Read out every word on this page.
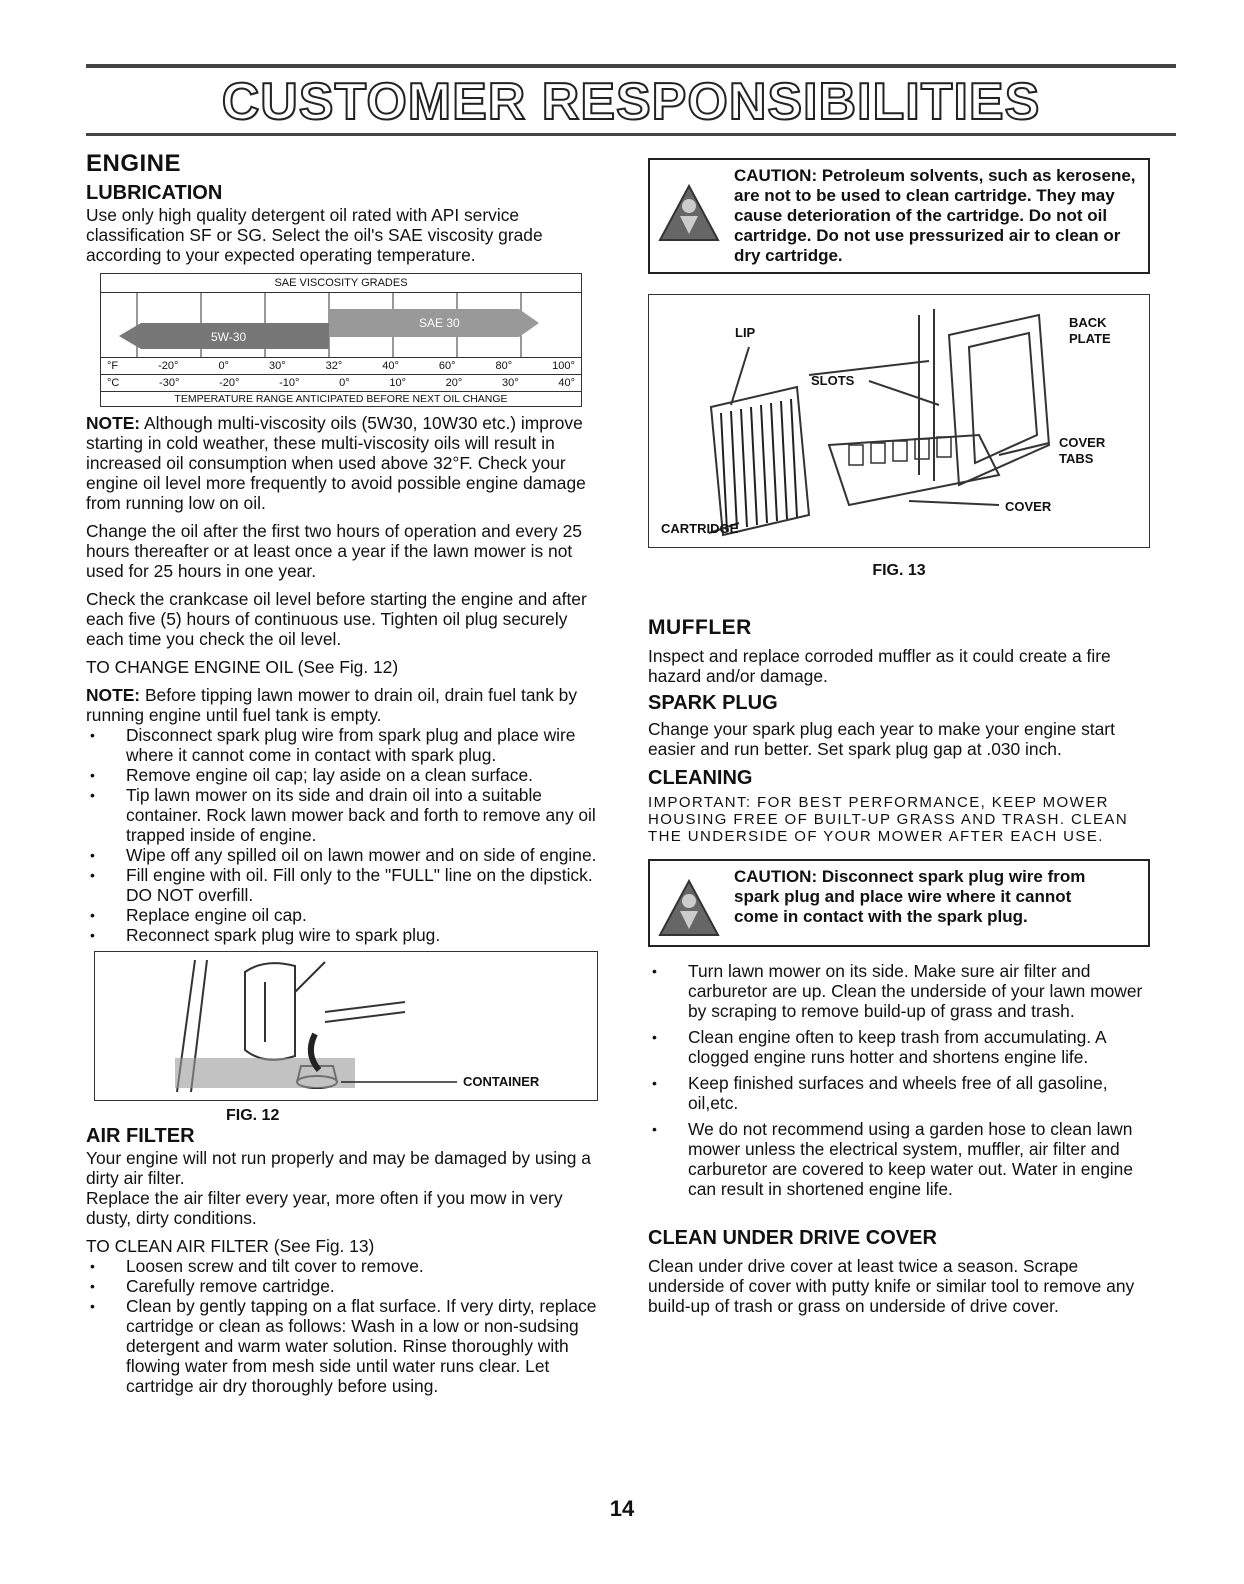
CUSTOMER RESPONSIBILITIES
ENGINE
LUBRICATION

Use only high quality detergent oil rated with API service classification SF or SG. Select the oil's SAE viscosity grade according to your expected operating temperature.

SAE VISCOSITY GRADES
5W-30
SAE 30
°F	-20°	0°	30°	32°	40°	60°	80°	100°
°C	-30°	-20°	-10°	0°	10°	20°	30°	40°
TEMPERATURE RANGE ANTICIPATED BEFORE NEXT OIL CHANGE

NOTE: Although multi-viscosity oils (5W30, 10W30 etc.) improve starting in cold weather, these multi-viscosity oils will result in increased oil consumption when used above 32°F. Check your engine oil level more frequently to avoid possible engine damage from running low on oil.

Change the oil after the first two hours of operation and every 25 hours thereafter or at least once a year if the lawn mower is not used for 25 hours in one year.

Check the crankcase oil level before starting the engine and after each five (5) hours of continuous use. Tighten oil plug securely each time you check the oil level.

TO CHANGE ENGINE OIL (See Fig. 12)

NOTE: Before tipping lawn mower to drain oil, drain fuel tank by running engine until fuel tank is empty.

• Disconnect spark plug wire from spark plug and place wire where it cannot come in contact with spark plug.
• Remove engine oil cap; lay aside on a clean surface.
• Tip lawn mower on its side and drain oil into a suitable container. Rock lawn mower back and forth to remove any oil trapped inside of engine.
• Wipe off any spilled oil on lawn mower and on side of engine.
• Fill engine with oil. Fill only to the "FULL" line on the dipstick. DO NOT overfill.
• Replace engine oil cap.
• Reconnect spark plug wire to spark plug.
CONTAINER
FIG. 12
AIR FILTER

Your engine will not run properly and may be damaged by using a dirty air filter.

Replace the air filter every year, more often if you mow in very dusty, dirty conditions.

TO CLEAN AIR FILTER (See Fig. 13)

• Loosen screw and tilt cover to remove.
• Carefully remove cartridge.
• Clean by gently tapping on a flat surface. If very dirty, replace cartridge or clean as follows: Wash in a low or non-sudsing detergent and warm water solution. Rinse thoroughly with flowing water from mesh side until water runs clear. Let cartridge air dry thoroughly before using.
CAUTION: Petroleum solvents, such as kerosene, are not to be used to clean cartridge. They may cause deterioration of the cartridge. Do not oil cartridge. Do not use pressurized air to clean or dry cartridge.
LIP
SLOTS
BACK
PLATE
COVER
TABS
CARTRIDGE
COVER
FIG. 13
MUFFLER

Inspect and replace corroded muffler as it could create a fire hazard and/or damage.

SPARK PLUG

Change your spark plug each year to make your engine start easier and run better. Set spark plug gap at .030 inch.

CLEANING

IMPORTANT: FOR BEST PERFORMANCE, KEEP MOWER HOUSING FREE OF BUILT-UP GRASS AND TRASH. CLEAN THE UNDERSIDE OF YOUR MOWER AFTER EACH USE.

CAUTION: Disconnect spark plug wire from spark plug and place wire where it cannot come in contact with the spark plug.
• Turn lawn mower on its side. Make sure air filter and carburetor are up. Clean the underside of your lawn mower by scraping to remove build-up of grass and trash.
• Clean engine often to keep trash from accumulating. A clogged engine runs hotter and shortens engine life.
• Keep finished surfaces and wheels free of all gasoline, oil,etc.
• We do not recommend using a garden hose to clean lawn mower unless the electrical system, muffler, air filter and carburetor are covered to keep water out. Water in engine can result in shortened engine life.
CLEAN UNDER DRIVE COVER

Clean under drive cover at least twice a season. Scrape underside of cover with putty knife or similar tool to remove any build-up of trash or grass on underside of drive cover.

14
